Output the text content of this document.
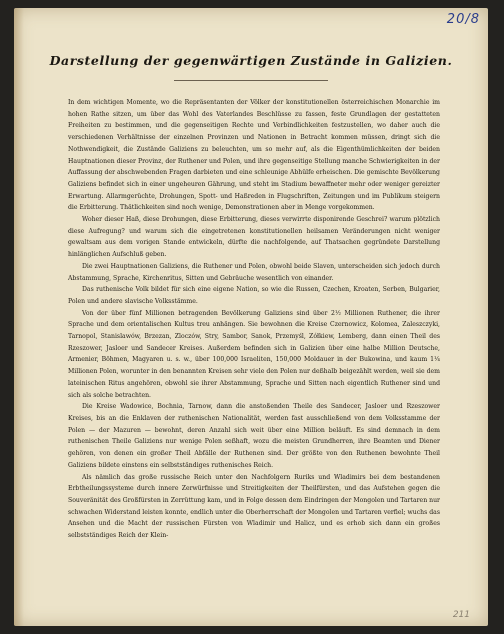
20/8
Darstellung der gegenwärtigen Zustände in Galizien.

In dem wichtigen Momente, wo die Repräsentanten der Völker der konstitutionellen österreichischen Monarchie im hohen Rathe sitzen, um über das Wohl des Vaterlandes Beschlüsse zu fassen, feste Grundlagen der gestatteten Freiheiten zu bestimmen, und die gegenseitigen Rechte und Verbindlichkeiten festzustellen, wo daher auch die verschiedenen Verhältnisse der einzelnen Provinzen und Nationen in Betracht kommen müssen, dringt sich die Nothwendigkeit, die Zustände Galiziens zu beleuchten, um so mehr auf, als die Eigenthümlichkeiten der beiden Hauptnationen dieser Provinz, der Ruthener und Polen, und ihre gegenseitige Stellung manche Schwierigkeiten in der Auffassung der abschwebenden Fragen darbieten und eine schleunige Abhülfe erheischen. Die gemischte Bevölkerung Galiziens befindet sich in einer ungeheuren Gährung, und steht im Stadium bewaffneter mehr oder weniger gereizter Erwartung. Allarmgerüchte, Drohungen, Spott- und Haßreden in Flugschriften, Zeitungen und im Publikum steigern die Erbitterung. Thätlichkeiten sind noch wenige, Demonstrationen aber in Menge vorgekommen.

Woher dieser Haß, diese Drohungen, diese Erbitterung, dieses verwirrte disponirende Geschrei? warum plötzlich diese Aufregung? und warum sich die eingetretenen konstitutionellen heilsamen Veränderungen nicht weniger gewaltsam aus dem vorigen Stande entwickeln, dürfte die nachfolgende, auf Thatsachen gegründete Darstellung hinlänglichen Aufschluß geben.

Die zwei Hauptnationen Galiziens, die Ruthener und Polen, obwohl beide Slaven, unterscheiden sich jedoch durch Abstammung, Sprache, Kirchenritus, Sitten und Gebräuche wesentlich von einander.

Das ruthenische Volk bildet für sich eine eigene Nation, so wie die Russen, Czechen, Kroaten, Serben, Bulgarier, Polen und andere slavische Volksstämme.

Von der über fünf Millionen betragenden Bevölkerung Galiziens sind über 2½ Millionen Ruthener, die ihrer Sprache und dem orientalischen Kultus treu anhängen. Sie bewohnen die Kreise Czernowicz, Kolomea, Zaleszczyki, Tarnopol, Stanislawów, Brzezan, Zloczów, Stry, Sambor, Sanok, Przemyśl, Zółkiew, Lemberg, dann einen Theil des Rzeszower, Jasloer und Sandecer Kreises. Außerdem befinden sich in Galizien über eine halbe Million Deutsche, Armenier, Böhmen, Magyaren u. s. w., über 100,000 Israeliten, 150,000 Moldauer in der Bukowina, und kaum 1¼ Millionen Polen, worunter in den benannten Kreisen sehr viele den Polen nur deßhalb beigezählt werden, weil sie dem lateinischen Ritus angehören, obwohl sie ihrer Abstammung, Sprache und Sitten nach eigentlich Ruthener sind und sich als solche betrachten.

Die Kreise Wadowice, Bochnia, Tarnow, dann die anstoßenden Theile des Sandecer, Jasloer und Rzeszower Kreises, bis an die Enklaven der ruthenischen Nationalität, werden fast ausschließend von dem Volksstamme der Polen — der Mazuren — bewohnt, deren Anzahl sich weit über eine Million beläuft. Es sind demnach in dem ruthenischen Theile Galiziens nur wenige Polen seßhaft, wozu die meisten Grundherren, ihre Beamten und Diener gehören, von denen ein großer Theil Abfälle der Ruthenen sind. Der größte von den Ruthenen bewohnte Theil Galiziens bildete einstens ein selbstständiges ruthenisches Reich.

Als nämlich das große russische Reich unter den Nachfolgern Ruriks und Wladimirs bei dem bestandenen Erbtheilungssysteme durch innere Zerwürfnisse und Streitigkeiten der Theilfürsten, und das Aufstehen gegen die Souveränität des Großfürsten in Zerrüttung kam, und in Folge dessen dem Eindringen der Mongolen und Tartaren nur schwachen Widerstand leisten konnte, endlich unter die Oberherrschaft der Mongolen und Tartaren verfiel; wuchs das Ansehen und die Macht der russischen Fürsten von Wladimir und Halicz, und es erhob sich dann ein großes selbstständiges Reich der Klein-

211
